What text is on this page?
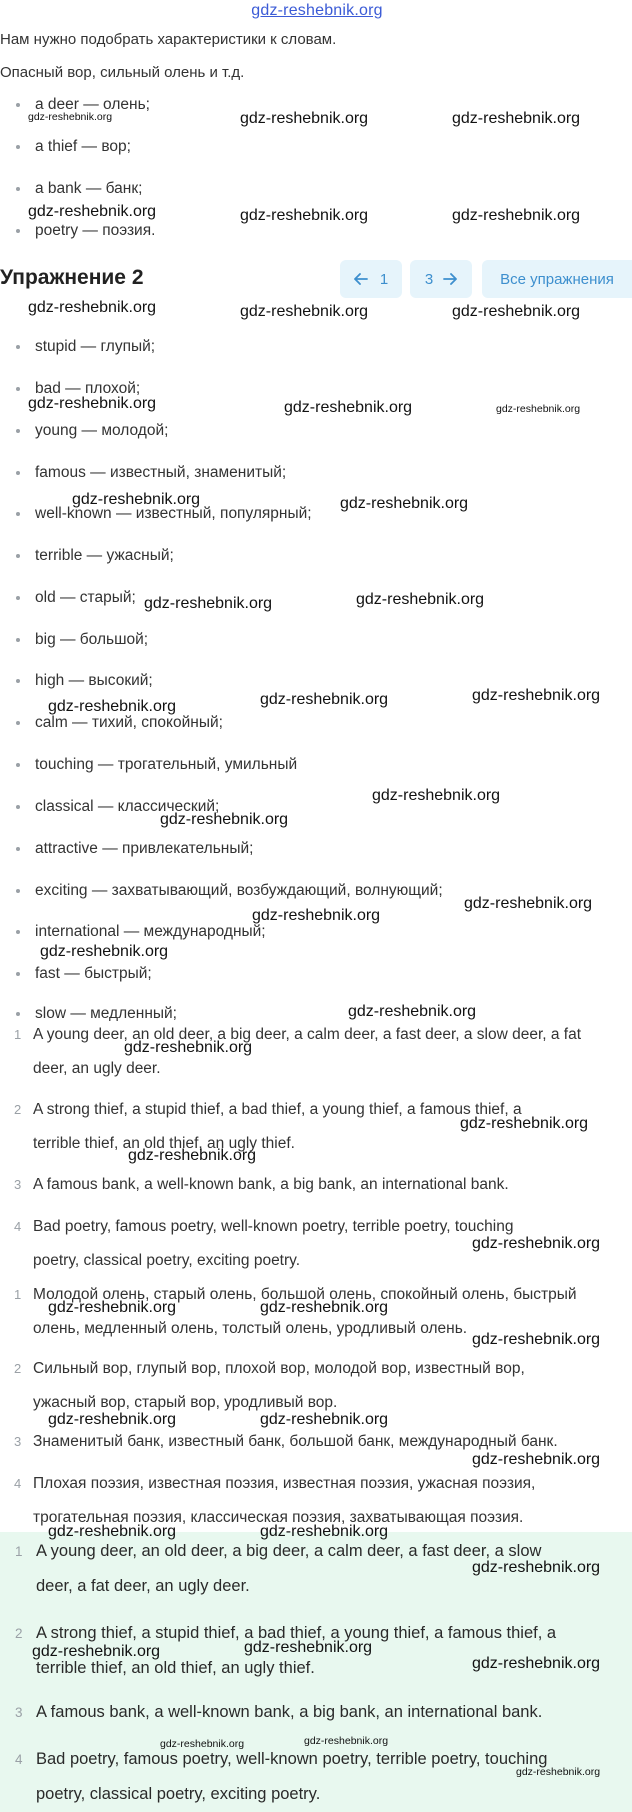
gdz-reshebnik.org
Нам нужно подобрать характеристики к словам.
Опасный вор, сильный олень и т.д.
a deer — олень;
a thief — вор;
a bank — банк;
poetry — поэзия.
Упражнение 2	1 3	Все упражнения
stupid — глупый;
bad — плохой;
young — молодой;
famous — известный, знаменитый;
well-known — известный, популярный;
terrible — ужасный;
old — старый;
big — большой;
high — высокий;
calm — тихий, спокойный;
touching — трогательный, умильный
classical — классический;
attractive — привлекательный;
exciting — захватывающий, возбуждающий, волнующий;
international — международный;
fast — быстрый;
slow — медленный;
1 A young deer, an old deer, a big deer, a calm deer, a fast deer, a slow deer, a fat
deer, an ugly deer.
2 A strong thief, a stupid thief, a bad thief, a young thief, a famous thief, a
terrible thief, an old thief, an ugly thief.
3 A famous bank, a well-known bank, a big bank, an international bank.
4 Bad poetry, famous poetry, well-known poetry, terrible poetry, touching
poetry, classical poetry, exciting poetry.
1 Молодой олень, старый олень, большой олень, спокойный олень, быстрый
олень, медленный олень, толстый олень, уродливый олень.
2 Сильный вор, глупый вор, плохой вор, молодой вор, известный вор,
ужасный вор, старый вор, уродливый вор.
3 Знаменитый банк, известный банк, большой банк, международный банк.
4 Плохая поэзия, известная поэзия, известная поэзия, ужасная поэзия,
трогательная поэзия, классическая поэзия, захватывающая поэзия.
1 A young deer, an old deer, a big deer, a calm deer, a fast deer, a slow
deer, a fat deer, an ugly deer.
2 A strong thief, a stupid thief, a bad thief, a young thief, a famous thief, a
terrible thief, an old thief, an ugly thief.
3 A famous bank, a well-known bank, a big bank, an international bank.
4 Bad poetry, famous poetry, well-known poetry, terrible poetry, touching
poetry, classical poetry, exciting poetry.
gdz-reshebnik.org	gdz-reshebnik.org	gdz-reshebnik.org
gdz-reshebnik.org	gdz-reshebnik.org	gdz-reshebnik.org
gdz-reshebnik.org	gdz-reshebnik.org	gdz-reshebnik.org
gdz-reshebnik.org	gdz-reshebnik.org	gdz-reshebnik.org
gdz-reshebnik.org	gdz-reshebnik.org
gdz-reshebnik.org	gdz-reshebnik.org
gdz-reshebnik.org	gdz-reshebnik.org	gdz-reshebnik.org
gdz-reshebnik.org
gdz-reshebnik.org
gdz-reshebnik.org
gdz-reshebnik.org
gdz-reshebnik.org
gdz-reshebnik.org
gdz-reshebnik.org
gdz-reshebnik.org
gdz-reshebnik.org
gdz-reshebnik.org
gdz-reshebnik.org	gdz-reshebnik.org
gdz-reshebnik.org
gdz-reshebnik.org	gdz-reshebnik.org
gdz-reshebnik.org
gdz-reshebnik.org	gdz-reshebnik.org
gdz-reshebnik.org
gdz-reshebnik.org	gdz-reshebnik.org
gdz-reshebnik.org
gdz-reshebnik.org	gdz-reshebnik.org
gdz-reshebnik.org
